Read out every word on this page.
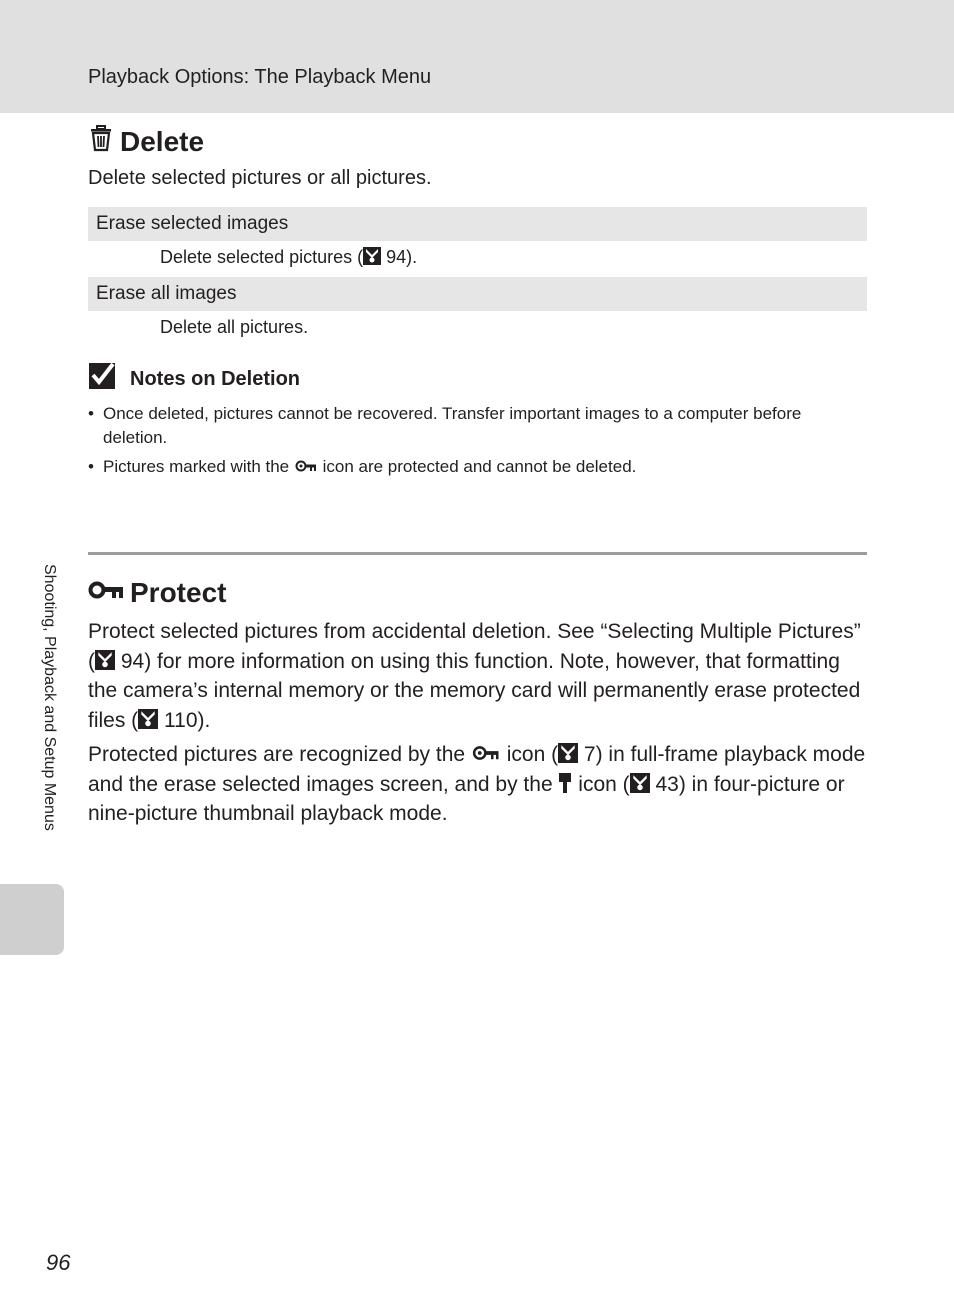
Playback Options: The Playback Menu
Delete
Delete selected pictures or all pictures.
Erase selected images
Delete selected pictures ( 94).
Erase all images
Delete all pictures.
Notes on Deletion
• Once deleted, pictures cannot be recovered. Transfer important images to a computer before deletion.
• Pictures marked with the  icon are protected and cannot be deleted.
Protect
Protect selected pictures from accidental deletion. See “Selecting Multiple Pictures” ( 94) for more information on using this function. Note, however, that formatting the camera’s internal memory or the memory card will permanently erase protected files ( 110).
Protected pictures are recognized by the  icon ( 7) in full-frame playback mode and the erase selected images screen, and by the  icon ( 43) in four-picture or nine-picture thumbnail playback mode.
Shooting, Playback and Setup Menus
96
